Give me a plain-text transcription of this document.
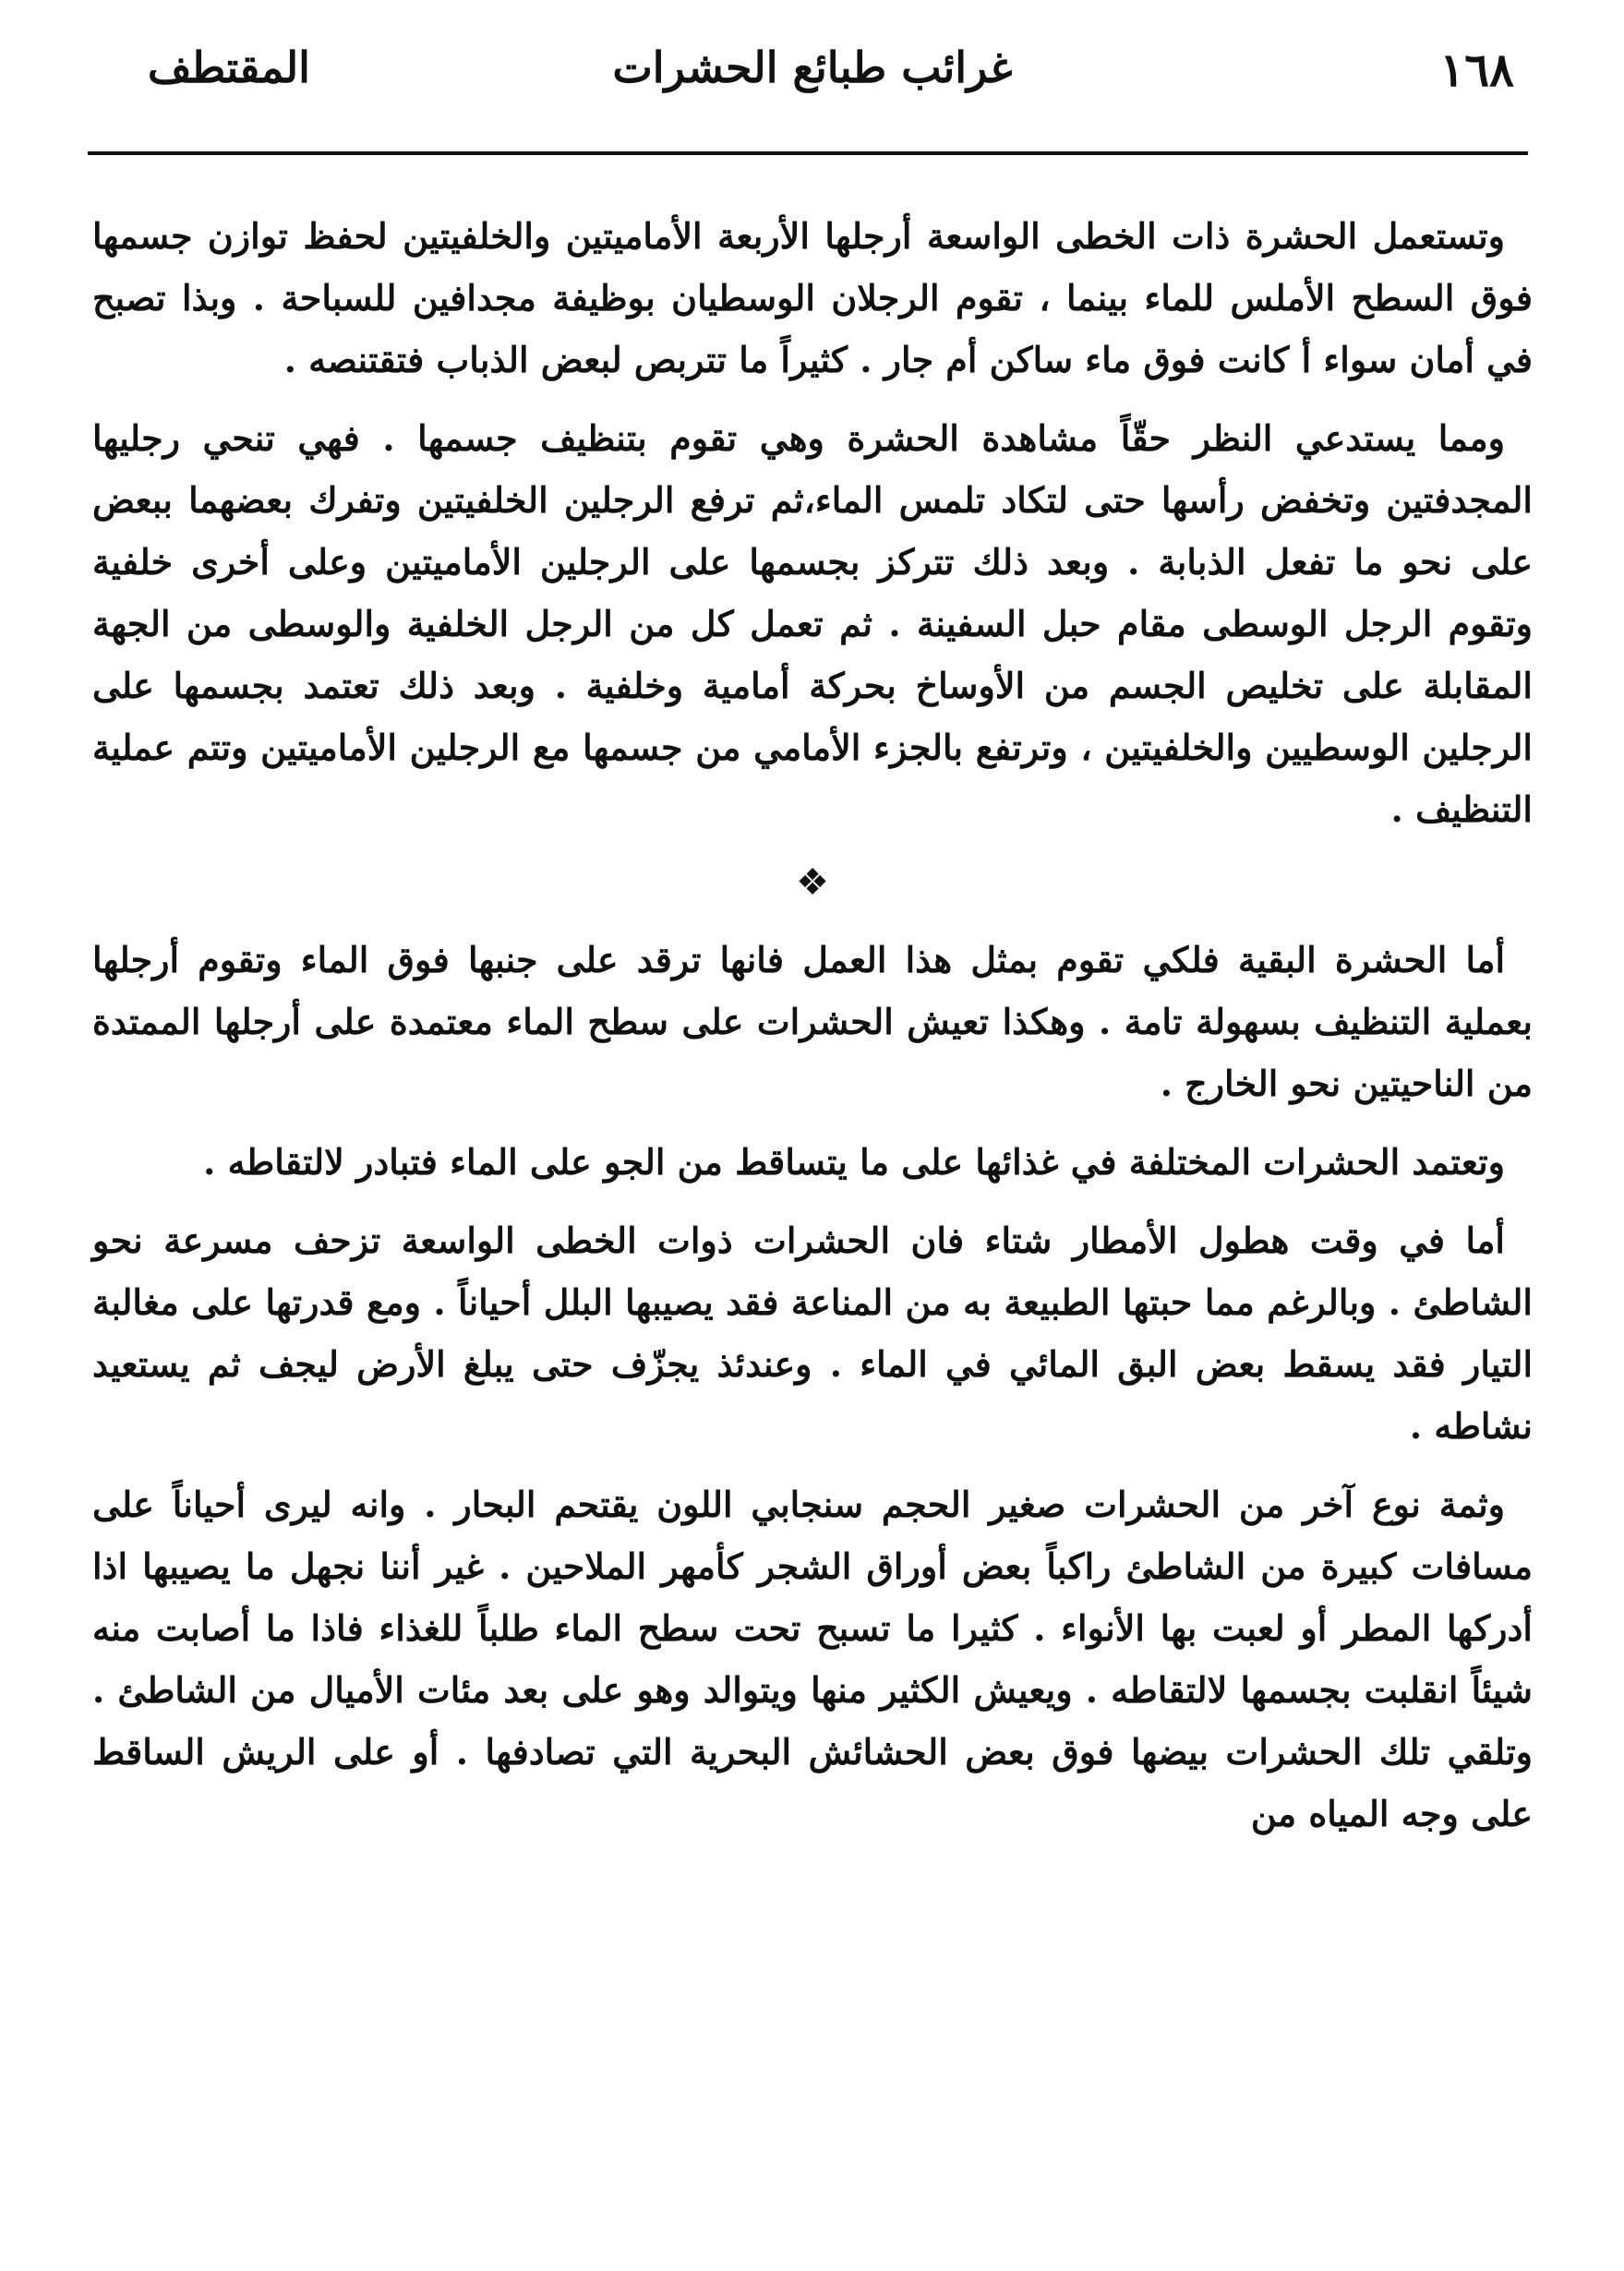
١٦٨
غرائب طبائع الحشرات
المقتطف

وتستعمل الحشرة ذات الخطى الواسعة أرجلها الأربعة الأماميتين والخلفيتين لحفظ توازن جسمها فوق السطح الأملس للماء بينما ، تقوم الرجلان الوسطيان بوظيفة مجدافين للسباحة . وبذا تصبح في أمان سواء أ كانت فوق ماء ساكن أم جار . كثيراً ما تتربص لبعض الذباب فتقتنصه .

ومما يستدعي النظر حقّاً مشاهدة الحشرة وهي تقوم بتنظيف جسمها . فهي تنحي رجليها المجدفتين وتخفض رأسها حتى لتكاد تلمس الماء،ثم ترفع الرجلين الخلفيتين وتفرك بعضهما ببعض على نحو ما تفعل الذبابة . وبعد ذلك تتركز بجسمها على الرجلين الأماميتين وعلى أخرى خلفية وتقوم الرجل الوسطى مقام حبل السفينة . ثم تعمل كل من الرجل الخلفية والوسطى من الجهة المقابلة على تخليص الجسم من الأوساخ بحركة أمامية وخلفية . وبعد ذلك تعتمد بجسمها على الرجلين الوسطيين والخلفيتين ، وترتفع بالجزء الأمامي من جسمها مع الرجلين الأماميتين وتتم عملية التنظيف .

❖

أما الحشرة البقية فلكي تقوم بمثل هذا العمل فانها ترقد على جنبها فوق الماء وتقوم أرجلها بعملية التنظيف بسهولة تامة . وهكذا تعيش الحشرات على سطح الماء معتمدة على أرجلها الممتدة من الناحيتين نحو الخارج .

وتعتمد الحشرات المختلفة في غذائها على ما يتساقط من الجو على الماء فتبادر لالتقاطه .

أما في وقت هطول الأمطار شتاء فان الحشرات ذوات الخطى الواسعة تزحف مسرعة نحو الشاطئ . وبالرغم مما حبتها الطبيعة به من المناعة فقد يصيبها البلل أحياناً . ومع قدرتها على مغالبة التيار فقد يسقط بعض البق المائي في الماء . وعندئذ يجزّف حتى يبلغ الأرض ليجف ثم يستعيد نشاطه .

وثمة نوع آخر من الحشرات صغير الحجم سنجابي اللون يقتحم البحار . وانه ليرى أحياناً على مسافات كبيرة من الشاطئ راكباً بعض أوراق الشجر كأمهر الملاحين . غير أننا نجهل ما يصيبها اذا أدركها المطر أو لعبت بها الأنواء . كثيرا ما تسبح تحت سطح الماء طلباً للغذاء فاذا ما أصابت منه شيئاً انقلبت بجسمها لالتقاطه . ويعيش الكثير منها ويتوالد وهو على بعد مئات الأميال من الشاطئ . وتلقي تلك الحشرات بيضها فوق بعض الحشائش البحرية التي تصادفها . أو على الريش الساقط على وجه المياه من
